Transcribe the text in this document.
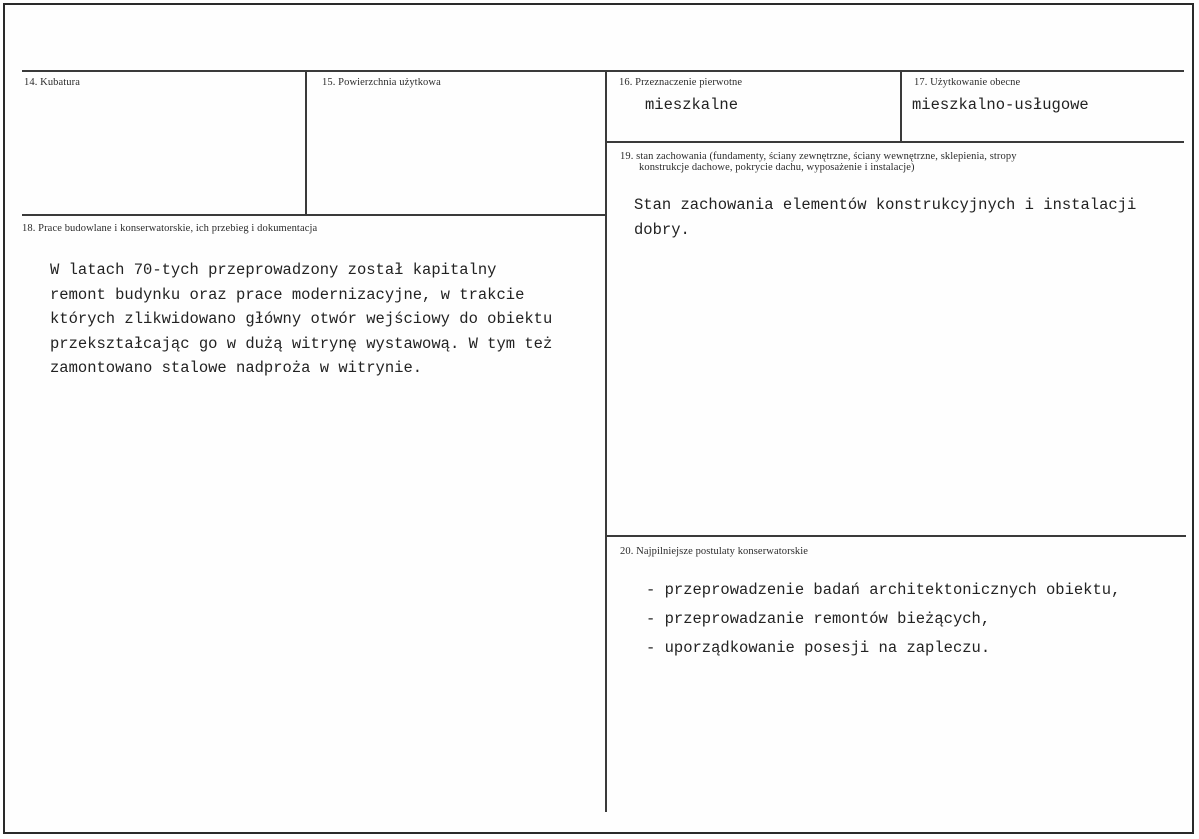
14. Kubatura	15. Powierzchnia użytkowa	16. Przeznaczenie pierwotne
mieszkalne
17. Użytkowanie obecne
mieszkalno-usługowe
18. Prace budowlane i konserwatorskie, ich przebieg i dokumentacja
W latach 70-tych przeprowadzony został kapitalny
remont budynku oraz prace modernizacyjne, w trakcie
których zlikwidowano główny otwór wejściowy do obiektu
przekształcając go w dużą witrynę wystawową. W tym też
zamontowano stalowe nadproża w witrynie.
19. stan zachowania (fundamenty, ściany zewnętrzne, ściany wewnętrzne, sklepienia, stropy
konstrukcje dachowe, pokrycie dachu, wyposażenie i instalacje)
Stan zachowania elementów konstrukcyjnych i instalacji
dobry.
20. Najpilniejsze postulaty konserwatorskie
- przeprowadzenie badań architektonicznych obiektu,
- przeprowadzanie remontów bieżących,
- uporządkowanie posesji na zapleczu.
